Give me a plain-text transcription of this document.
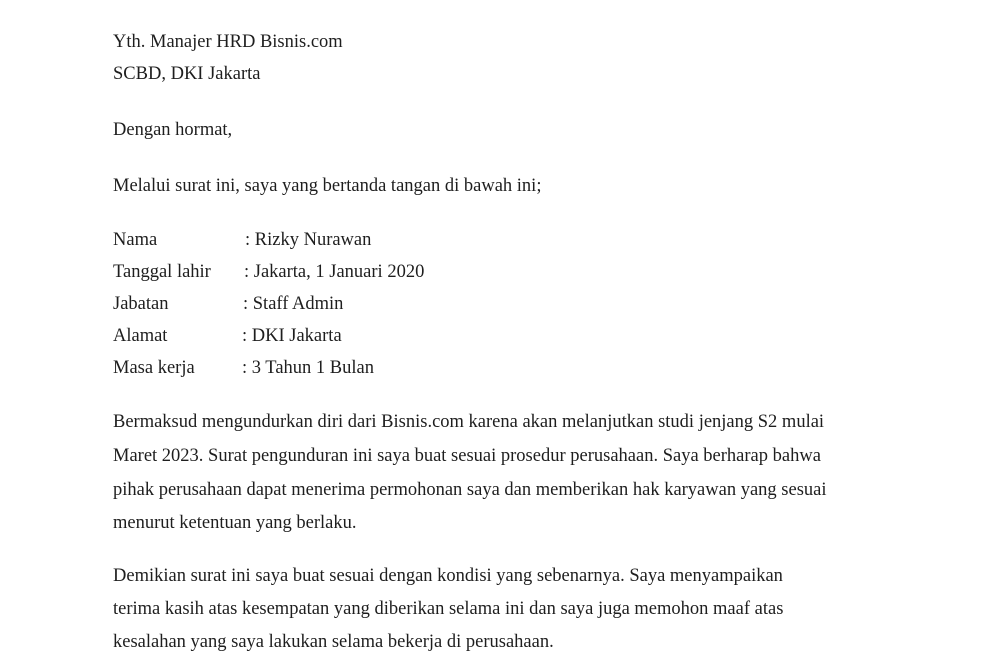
Yth. Manajer HRD Bisnis.com
SCBD, DKI Jakarta
Dengan hormat,
Melalui surat ini, saya yang bertanda tangan di bawah ini;
Nama	: Rizky Nurawan
Tanggal lahir : Jakarta, 1 Januari 2020
Jabatan	: Staff Admin
Alamat	: DKI Jakarta
Masa kerja	: 3 Tahun 1 Bulan
Bermaksud mengundurkan diri dari Bisnis.com karena akan melanjutkan studi jenjang S2 mulai
Maret 2023. Surat pengunduran ini saya buat sesuai prosedur perusahaan. Saya berharap bahwa
pihak perusahaan dapat menerima permohonan saya dan memberikan hak karyawan yang sesuai
menurut ketentuan yang berlaku.
Demikian surat ini saya buat sesuai dengan kondisi yang sebenarnya. Saya menyampaikan
terima kasih atas kesempatan yang diberikan selama ini dan saya juga memohon maaf atas
kesalahan yang saya lakukan selama bekerja di perusahaan.
